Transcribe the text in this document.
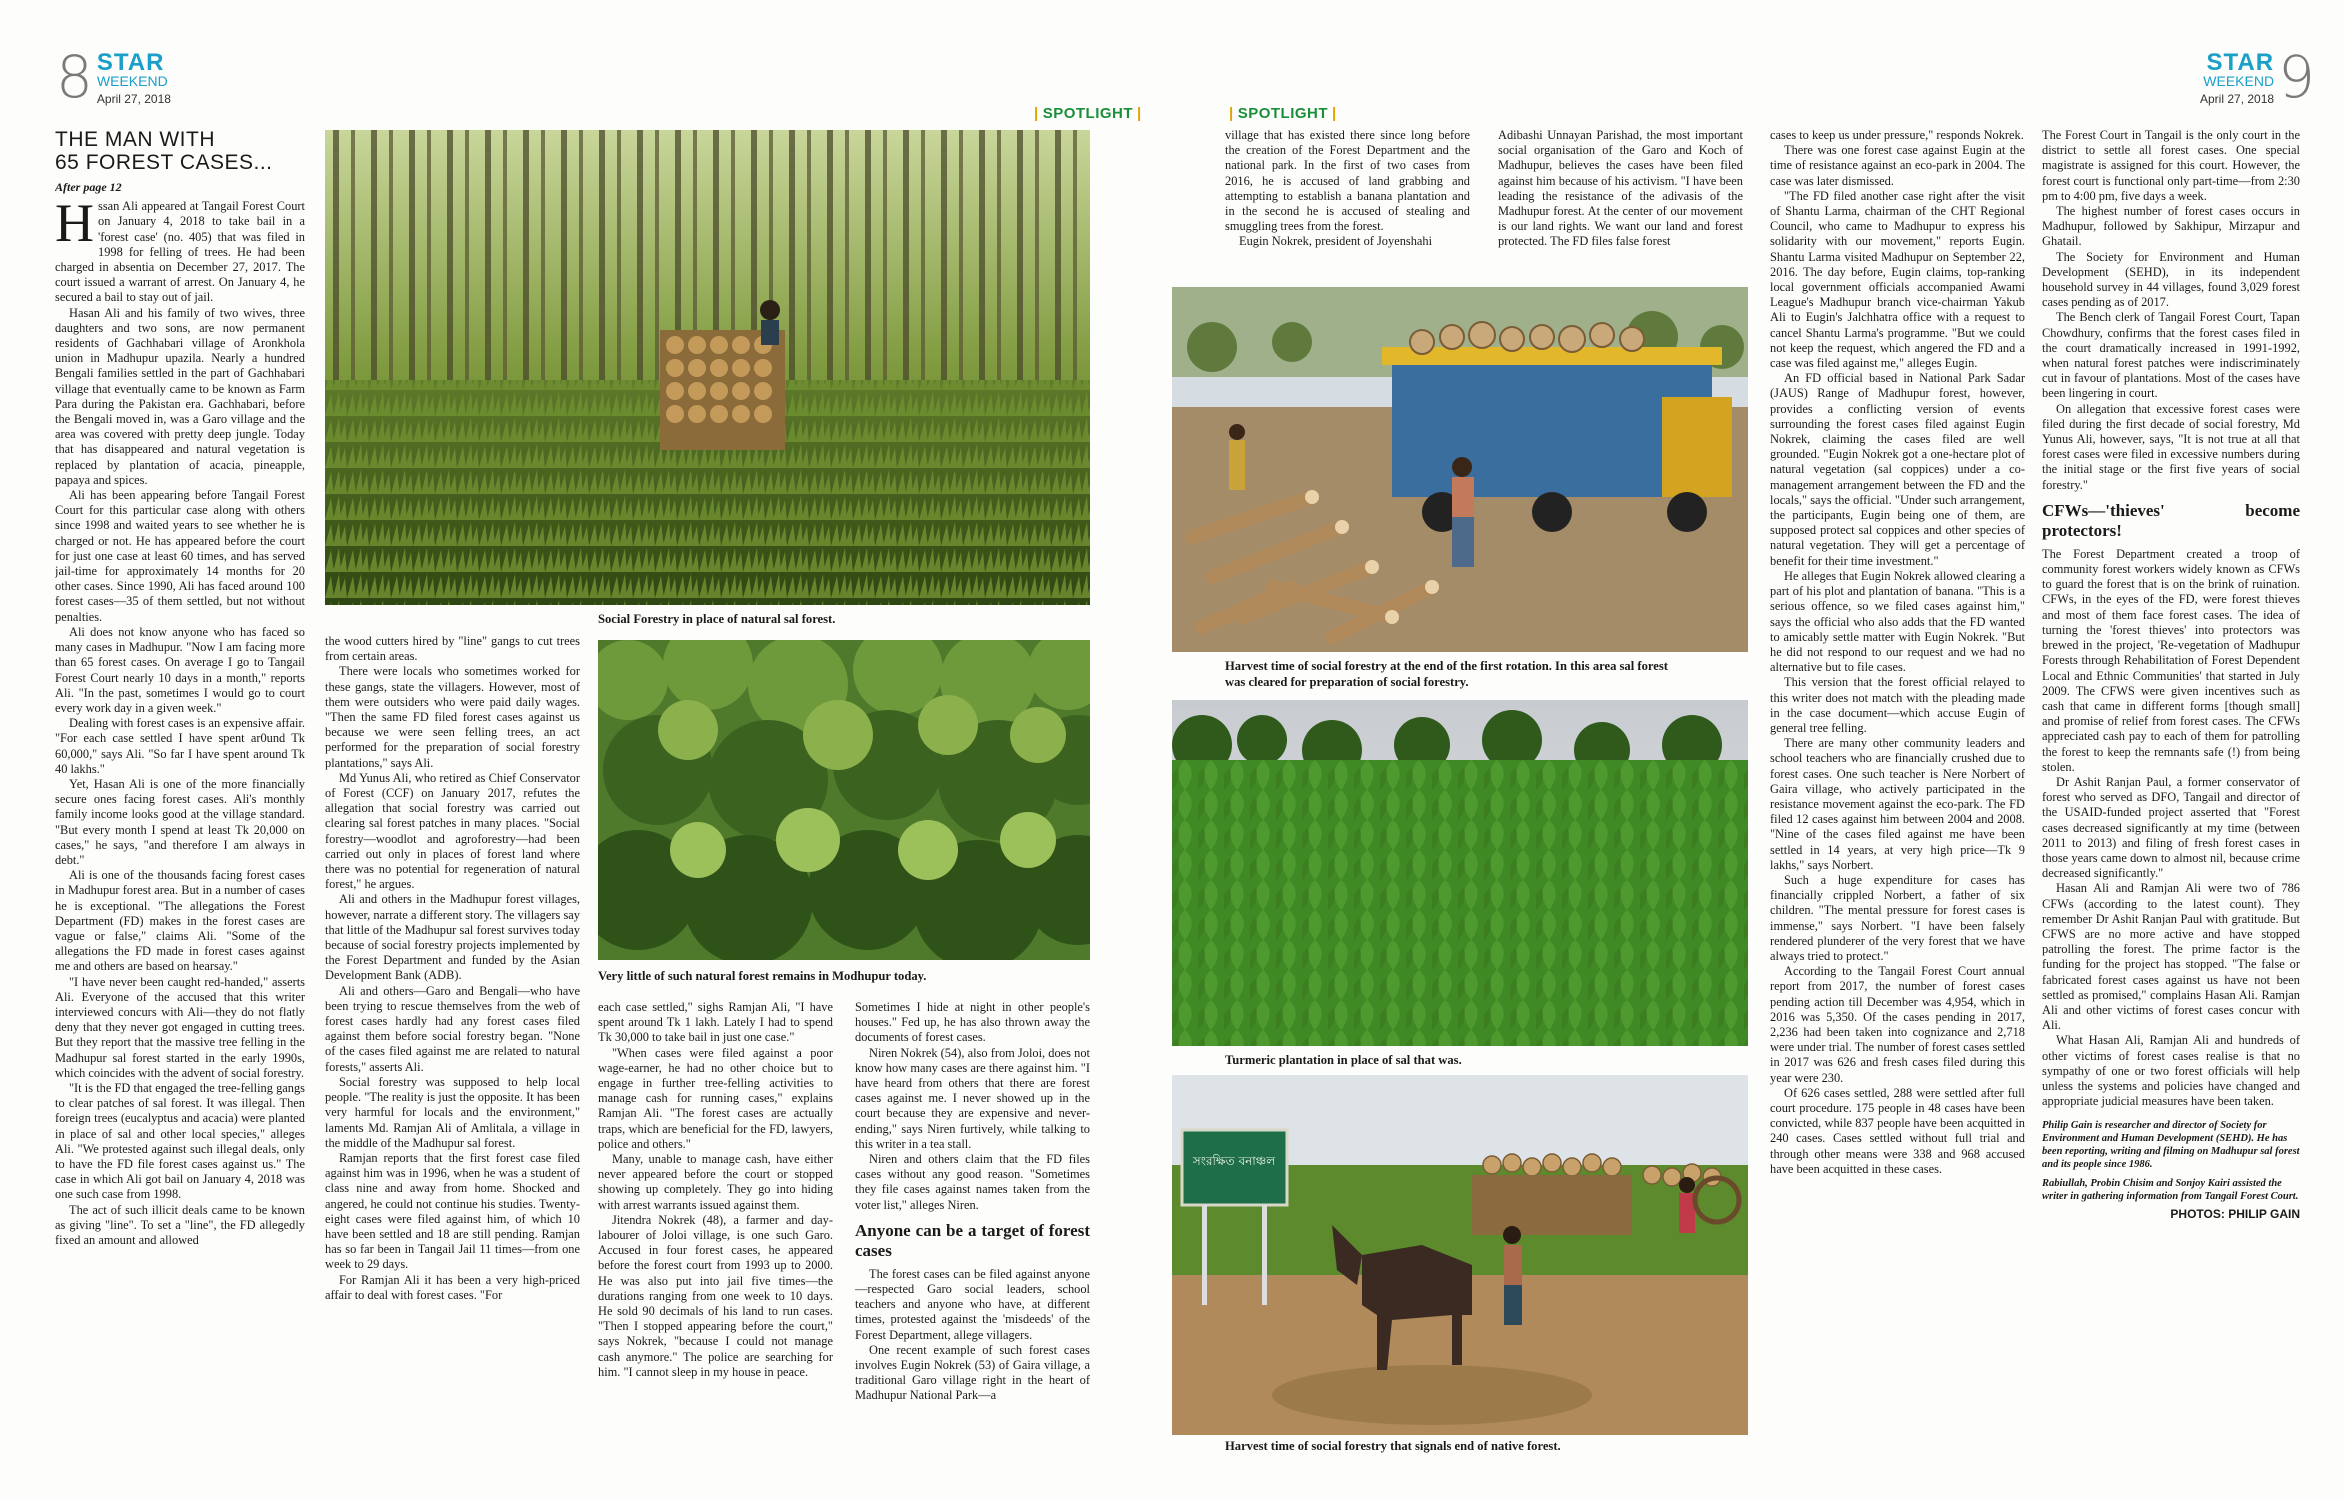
8 STAR
WEEKEND
April 27, 2018
STAR
WEEKEND
April 27, 2018 9
| SPOTLIGHT |	| SPOTLIGHT |
THE MAN WITH
65 FOREST CASES...
After page 12

Hssan Ali appeared at Tangail Forest Court on January 4, 2018 to take bail in a 'forest case' (no. 405) that was filed in 1998 for felling of trees. He had been charged in absentia on December 27, 2017. The court issued a warrant of arrest. On January 4, he secured a bail to stay out of jail.

Hasan Ali and his family of two wives, three daughters and two sons, are now permanent residents of Gachhabari village of Aronkhola union in Madhupur upazila. Nearly a hundred Bengali families settled in the part of Gachhabari village that eventually came to be known as Farm Para during the Pakistan era. Gachhabari, before the Bengali moved in, was a Garo village and the area was covered with pretty deep jungle. Today that has disappeared and natural vegetation is replaced by plantation of acacia, pineapple, papaya and spices.

Ali has been appearing before Tangail Forest Court for this particular case along with others since 1998 and waited years to see whether he is charged or not. He has appeared before the court for just one case at least 60 times, and has served jail-time for approximately 14 months for 20 other cases. Since 1990, Ali has faced around 100 forest cases—35 of them settled, but not without penalties.

Ali does not know anyone who has faced so many cases in Madhupur. "Now I am facing more than 65 forest cases. On average I go to Tangail Forest Court nearly 10 days in a month," reports Ali. "In the past, sometimes I would go to court every work day in a given week."

Dealing with forest cases is an expensive affair. "For each case settled I have spent ar0und Tk 60,000," says Ali. "So far I have spent around Tk 40 lakhs."

Yet, Hasan Ali is one of the more financially secure ones facing forest cases. Ali's monthly family income looks good at the village standard. "But every month I spend at least Tk 20,000 on cases," he says, "and therefore I am always in debt."

Ali is one of the thousands facing forest cases in Madhupur forest area. But in a number of cases he is exceptional. "The allegations the Forest Department (FD) makes in the forest cases are vague or false," claims Ali. "Some of the allegations the FD made in forest cases against me and others are based on hearsay."

"I have never been caught red-handed," asserts Ali. Everyone of the accused that this writer interviewed concurs with Ali—they do not flatly deny that they never got engaged in cutting trees. But they report that the massive tree felling in the Madhupur sal forest started in the early 1990s, which coincides with the advent of social forestry.

"It is the FD that engaged the tree-felling gangs to clear patches of sal forest. It was illegal. Then foreign trees (eucalyptus and acacia) were planted in place of sal and other local species," alleges Ali. "We protested against such illegal deals, only to have the FD file forest cases against us." The case in which Ali got bail on January 4, 2018 was one such case from 1998.

The act of such illicit deals came to be known as giving "line". To set a "line", the FD allegedly fixed an amount and allowed

Social Forestry in place of natural sal forest.

the wood cutters hired by "line" gangs to cut trees from certain areas.

There were locals who sometimes worked for these gangs, state the villagers. However, most of them were outsiders who were paid daily wages. "Then the same FD filed forest cases against us because we were seen felling trees, an act performed for the preparation of social forestry plantations," says Ali.

Md Yunus Ali, who retired as Chief Conservator of Forest (CCF) on January 2017, refutes the allegation that social forestry was carried out clearing sal forest patches in many places. "Social forestry—woodlot and agroforestry—had been carried out only in places of forest land where there was no potential for regeneration of natural forest," he argues.

Ali and others in the Madhupur forest villages, however, narrate a different story. The villagers say that little of the Madhupur sal forest survives today because of social forestry projects implemented by the Forest Department and funded by the Asian Development Bank (ADB).

Ali and others—Garo and Bengali—who have been trying to rescue themselves from the web of forest cases hardly had any forest cases filed against them before social forestry began. "None of the cases filed against me are related to natural forests," asserts Ali.

Social forestry was supposed to help local people. "The reality is just the opposite. It has been very harmful for locals and the environment," laments Md. Ramjan Ali of Amlitala, a village in the middle of the Madhupur sal forest.

Ramjan reports that the first forest case filed against him was in 1996, when he was a student of class nine and away from home. Shocked and angered, he could not continue his studies. Twenty-eight cases were filed against him, of which 10 have been settled and 18 are still pending. Ramjan has so far been in Tangail Jail 11 times—from one week to 29 days.

For Ramjan Ali it has been a very high-priced affair to deal with forest cases. "For

Very little of such natural forest remains in Modhupur today.

each case settled," sighs Ramjan Ali, "I have spent around Tk 1 lakh. Lately I had to spend Tk 30,000 to take bail in just one case."

"When cases were filed against a poor wage-earner, he had no other choice but to engage in further tree-felling activities to manage cash for running cases," explains Ramjan Ali. "The forest cases are actually traps, which are beneficial for the FD, lawyers, police and others."

Many, unable to manage cash, have either never appeared before the court or stopped showing up completely. They go into hiding with arrest warrants issued against them.

Jitendra Nokrek (48), a farmer and day-labourer of Joloi village, is one such Garo. Accused in four forest cases, he appeared before the forest court from 1993 up to 2000. He was also put into jail five times—the durations ranging from one week to 10 days. He sold 90 decimals of his land to run cases. "Then I stopped appearing before the court," says Nokrek, "because I could not manage cash anymore." The police are searching for him. "I cannot sleep in my house in peace.

Sometimes I hide at night in other people's houses." Fed up, he has also thrown away the documents of forest cases.

Niren Nokrek (54), also from Joloi, does not know how many cases are there against him. "I have heard from others that there are forest cases against me. I never showed up in the court because they are expensive and never-ending," says Niren furtively, while talking to this writer in a tea stall.

Niren and others claim that the FD files cases without any good reason. "Sometimes they file cases against names taken from the voter list," alleges Niren.

Anyone can be a target of forest cases

The forest cases can be filed against anyone—respected Garo social leaders, school teachers and anyone who have, at different times, protested against the 'misdeeds' of the Forest Department, allege villagers.

One recent example of such forest cases involves Eugin Nokrek (53) of Gaira village, a traditional Garo village right in the heart of Madhupur National Park—a

village that has existed there since long before the creation of the Forest Department and the national park. In the first of two cases from 2016, he is accused of land grabbing and attempting to establish a banana plantation and in the second he is accused of stealing and smuggling trees from the forest.

Eugin Nokrek, president of Joyenshahi

Adibashi Unnayan Parishad, the most important social organisation of the Garo and Koch of Madhupur, believes the cases have been filed against him because of his activism. "I have been leading the resistance of the adivasis of the Madhupur forest. At the center of our movement is our land rights. We want our land and forest protected. The FD files false forest

Harvest time of social forestry at the end of the first rotation. In this area sal forest was cleared for preparation of social forestry.
Turmeric plantation in place of sal that was.
সংরক্ষিত বনাঞ্চল
Harvest time of social forestry that signals end of native forest.

cases to keep us under pressure," responds Nokrek.

There was one forest case against Eugin at the time of resistance against an eco-park in 2004. The case was later dismissed.

"The FD filed another case right after the visit of Shantu Larma, chairman of the CHT Regional Council, who came to Madhupur to express his solidarity with our movement," reports Eugin. Shantu Larma visited Madhupur on September 22, 2016. The day before, Eugin claims, top-ranking local government officials accompanied Awami League's Madhupur branch vice-chairman Yakub Ali to Eugin's Jalchhatra office with a request to cancel Shantu Larma's programme. "But we could not keep the request, which angered the FD and a case was filed against me," alleges Eugin.

An FD official based in National Park Sadar (JAUS) Range of Madhupur forest, however, provides a conflicting version of events surrounding the forest cases filed against Eugin Nokrek, claiming the cases filed are well grounded. "Eugin Nokrek got a one-hectare plot of natural vegetation (sal coppices) under a co-management arrangement between the FD and the locals," says the official. "Under such arrangement, the participants, Eugin being one of them, are supposed protect sal coppices and other species of natural vegetation. They will get a percentage of benefit for their time investment."

He alleges that Eugin Nokrek allowed clearing a part of his plot and plantation of banana. "This is a serious offence, so we filed cases against him," says the official who also adds that the FD wanted to amicably settle matter with Eugin Nokrek. "But he did not respond to our request and we had no alternative but to file cases.

This version that the forest official relayed to this writer does not match with the pleading made in the case document—which accuse Eugin of general tree felling.

There are many other community leaders and school teachers who are financially crushed due to forest cases. One such teacher is Nere Norbert of Gaira village, who actively participated in the resistance movement against the eco-park. The FD filed 12 cases against him between 2004 and 2008. "Nine of the cases filed against me have been settled in 14 years, at very high price—Tk 9 lakhs," says Norbert.

Such a huge expenditure for cases has financially crippled Norbert, a father of six children. "The mental pressure for forest cases is immense," says Norbert. "I have been falsely rendered plunderer of the very forest that we have always tried to protect."

According to the Tangail Forest Court annual report from 2017, the number of forest cases pending action till December was 4,954, which in 2016 was 5,350. Of the cases pending in 2017, 2,236 had been taken into cognizance and 2,718 were under trial. The number of forest cases settled in 2017 was 626 and fresh cases filed during this year were 230.

Of 626 cases settled, 288 were settled after full court procedure. 175 people in 48 cases have been convicted, while 837 people have been acquitted in 240 cases. Cases settled without full trial and through other means were 338 and 968 accused have been acquitted in these cases.

The Forest Court in Tangail is the only court in the district to settle all forest cases. One special magistrate is assigned for this court. However, the forest court is functional only part-time—from 2:30 pm to 4:00 pm, five days a week.

The highest number of forest cases occurs in Madhupur, followed by Sakhipur, Mirzapur and Ghatail.

The Society for Environment and Human Development (SEHD), in its independent household survey in 44 villages, found 3,029 forest cases pending as of 2017.

The Bench clerk of Tangail Forest Court, Tapan Chowdhury, confirms that the forest cases filed in the court dramatically increased in 1991-1992, when natural forest patches were indiscriminately cut in favour of plantations. Most of the cases have been lingering in court.

On allegation that excessive forest cases were filed during the first decade of social forestry, Md Yunus Ali, however, says, "It is not true at all that forest cases were filed in excessive numbers during the initial stage or the first five years of social forestry."

CFWs—'thieves' become protectors!

The Forest Department created a troop of community forest workers widely known as CFWs to guard the forest that is on the brink of ruination. CFWs, in the eyes of the FD, were forest thieves and most of them face forest cases. The idea of turning the 'forest thieves' into protectors was brewed in the project, 'Re-vegetation of Madhupur Forests through Rehabilitation of Forest Dependent Local and Ethnic Communities' that started in July 2009. The CFWS were given incentives such as cash that came in different forms [though small] and promise of relief from forest cases. The CFWs appreciated cash pay to each of them for patrolling the forest to keep the remnants safe (!) from being stolen.

Dr Ashit Ranjan Paul, a former conservator of forest who served as DFO, Tangail and director of the USAID-funded project asserted that "Forest cases decreased significantly at my time (between 2011 to 2013) and filing of fresh forest cases in those years came down to almost nil, because crime decreased significantly."

Hasan Ali and Ramjan Ali were two of 786 CFWs (according to the latest count). They remember Dr Ashit Ranjan Paul with gratitude. But CFWS are no more active and have stopped patrolling the forest. The prime factor is the funding for the project has stopped. "The false or fabricated forest cases against us have not been settled as promised," complains Hasan Ali. Ramjan Ali and other victims of forest cases concur with Ali.

What Hasan Ali, Ramjan Ali and hundreds of other victims of forest cases realise is that no sympathy of one or two forest officials will help unless the systems and policies have changed and appropriate judicial measures have been taken.

Philip Gain is researcher and director of Society for Environment and Human Development (SEHD). He has been reporting, writing and filming on Madhupur sal forest and its people since 1986.
Rabiullah, Probin Chisim and Sonjoy Kairi assisted the writer in gathering information from Tangail Forest Court.
PHOTOS: PHILIP GAIN
